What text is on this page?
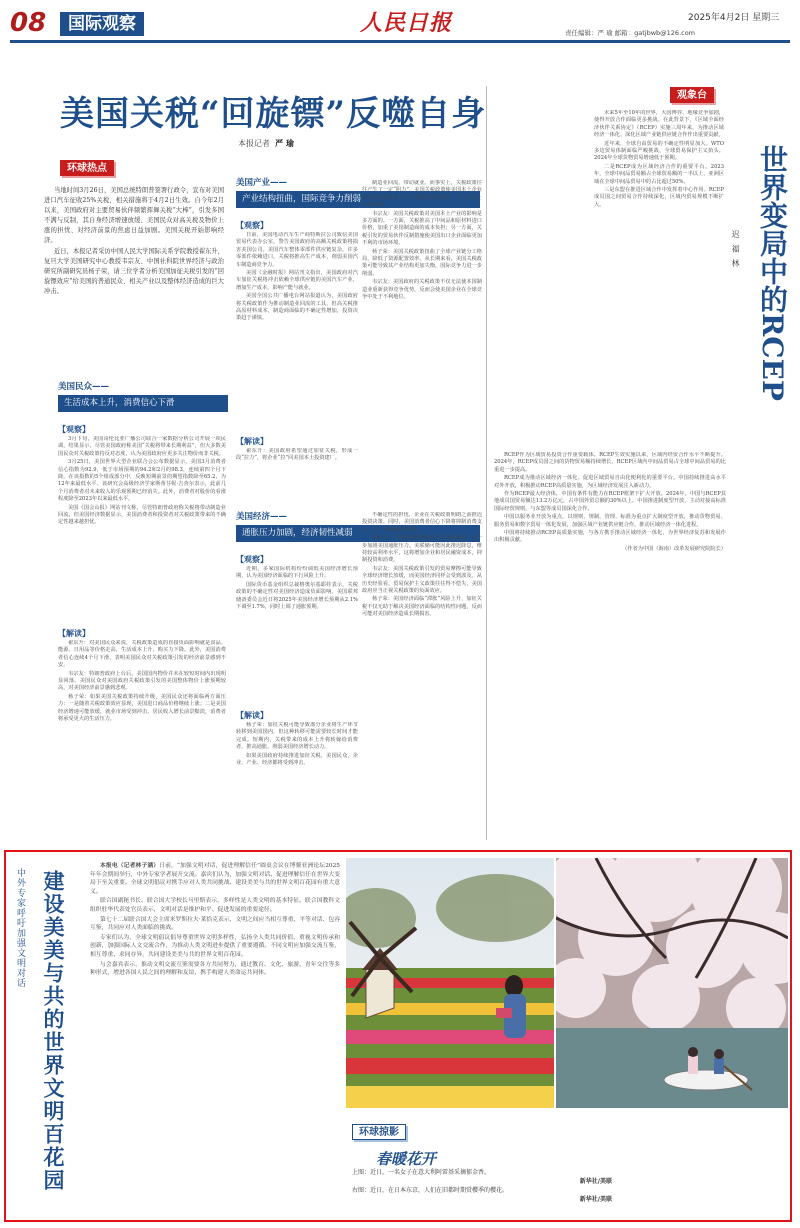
08	国际观察	人民日报	2025年4月2日 星期三
责任编辑：严 瑜 邮箱：gatjbwb@126.com
美国关税“回旋镖”反噬自身
本报记者 严 瑜
环球热点

当地时间3月26日，美国总统特朗普签署行政令，宣布对美国进口汽车征收25%关税，相关措施将于4月2日生效。自今年2月以来，美国政府对主要贸易伙伴频繁挥舞关税“大棒”，引发多国不满与反制，其自身经济增速放缓、美国民众对高关税及物价上涨的担忧、对经济前景的焦虑日益加剧。美国关税开始影响经济。

近日，本报记者采访中国人民大学国际关系学院教授翟东升，复旦大学美国研究中心教授韦宗友、中国社科院世界经济与政治研究所副研究员杨子荣，请三位学者分析美国加征关税引发的“回旋镖效应”给美国的普通民众、相关产业以及整体经济造成的巨大冲击。

美国民众——
生活成本上升，消费信心下滑
【观察】

3月下旬，美国哥伦比亚广播公司联合一家数据分析公司开展一项民调，结果显示，尽管美国政府称美国“关税将带来长期利益”，但大多数美国民众对关税政策持反对态度，认为美国政府应更多关注物价而非关税。

3月25日，美国世界大型企业联合会公布数据显示，美国3月消费者信心指数为92.9，低于市场预期的94.2和2月的98.3，连续第四个月下降。在该指数的5个组成部分中，反映短期前景的期望指数降至65.2，为12年来最低水平。该研究会高级经济学家斯蒂芬妮·吉查尔表示，此前几个月消费者对未来收入的乐观预期已经消失。此外，消费者对股价的看涨程度降至2023年以来最低水平。

美国《国会山报》网站刊文称，尽管特朗普政府称关税将带动制造业回流，但美国经济数据显示，美国消费者和投资者对关税政策带来的不确定性越来越担忧。

【解读】

翟东升：对美国民众来说，关税政策造成的直接负面影响就是食品、能源、日用品等价格走高，生活成本上升，购买力下降。此外，美国消费者信心连续4个月下滑，表明美国民众对关税政策引发的经济前景感到不安。

韦宗友：特朗普政府上台后，美国国内物价并未在较短时间内出现明显回落。美国民众对美国政府关税政策引发的美国整体物价上涨预期较高，对美国经济前景感到悲观。

杨子荣：如果美国关税政策持续升级，美国民众还将面临两方面压力：一是随着关税政策效应显现，美国进口商品价格继续上涨；二是美国经济增速可能放缓，就业市场受到冲击，居民收入增长前景黯淡，消费者将承受更大的生活压力。

美国产业——
产业结构扭曲，国际竞争力削弱
【观察】

日前，美国电动汽车生产商特斯拉公司致信美国贸易代表办公室，警告美国政府的高额关税政策将损害美国公司。美国汽车整体零部件供应链复杂，许多零部件依赖进口，关税将推高生产成本，削弱美国汽车制造商竞争力。

美国《金融时报》网站刊文指出，美国政府对汽车加征关税将冲击依赖全球供应链的美国汽车产业，增加生产成本，影响产能与就业。

美国全国公共广播电台网站报道认为，美国政府将关税政策作为推动制造业回流的工具，但高关税推高原材料成本，制造商面临的不确定性增加，投资决策趋于谨慎。

【解读】

翟东升：美国政府希望通过加征关税，形成一段“拉力”，将企业“拉”回美国本土投资建厂。

制造业回流，带动就业。而事实上，关税政策往往产生了一定“阻力”，美国关税政策使美国本土企业和在美外资企业不得不面临供应链中断、生产成本上升等挑战。

韦宗友：美国关税政策对美国本土产业的影响是多方面的。一方面，关税推高了中间品和原材料进口价格，加重了美国制造商的成本负担；另一方面，关税引发的贸易伙伴反制措施使美国出口企业面临更加不利的市场环境。

杨子荣：美国关税政策扭曲了全球产业链分工格局，降低了资源配置效率。从长期来看，美国关税政策可能导致其产业结构更加失衡，国际竞争力进一步削弱。

韦宗友：美国政府的关税政策不仅无法使本国制造业重新获得竞争优势，反而会使美国企业在全球竞争中处于不利地位。

美国经济——
通胀压力加剧，经济韧性减弱
【观察】

近期，多家国际机构纷纷调低美国经济增长预期，认为美国经济面临的下行风险上升。

国际货币基金组织总裁格奥尔基耶娃表示，关税政策的不确定性对美国经济造成负面影响。美国联邦储备委员会近日将2025年美国经济增长预期从2.1%下调至1.7%，同时上调了通胀预期。

【解读】

杨子荣：加征关税可能导致部分企业将生产环节转移到美国国内，但这种转移可能需要较长时间才能完成。短期内，关税带来的成本上升将转嫁给消费者，推高通胀，削弱美国经济增长动力。

如果美国政府持续推进加征关税，美国民众、企业、产业、经济都将受到冲击。

不确定性的担忧，企业在关税政策明朗之前推迟投资决策。同时，美国消费者信心下降将抑制消费支出，进一步拖累经济增长。

翟东升：美国关税政策推高进口商品价格，进一步加剧美国通胀压力。美联储可能因此推迟降息，维持较高利率水平，这将增加企业和居民融资成本，抑制投资和消费。

韦宗友：美国关税政策引发的贸易摩擦可能导致全球经济增长放缓，而美国经济同样会受到波及。从历史经验看，贸易保护主义政策往往得不偿失，美国政府应当正视关税政策的负面效应。

杨子荣：美国经济面临“滞胀”风险上升，加征关税不仅无助于解决美国经济面临的结构性问题，反而可能对美国经济造成长期损害。

观象台
世界变局中的RCEP
迟 福 林

未来5年至10年的世界，大国博弈、地缘竞争加剧，使得开放合作面临更多挑战。在此背景下，《区域全面经济伙伴关系协定》（RCEP）实施三周年来，为推动区域经济一体化、深化区域产业链供应链合作作出重要贡献。

近年来，全球自由贸易的不确定性明显加大。WTO多边贸易体制面临严峻挑战，全球贸易保护主义抬头。2024年全球货物贸易增速低于预期。

二是RCEP成为区域经济合作的重要平台。2023年，全球中间品贸易额占全球贸易额的一半以上，亚洲区域在全球中间品贸易中的占比超过50%。

三是东盟在推进区域合作中发挥着中心作用。RCEP成员国之间贸易合作持续深化，区域内贸易规模不断扩大。

RCEP作为区域贸易投资合作重要载体。RCEP生效实施以来，区域内经贸合作水平不断提升。2024年，RCEP成员国之间的货物贸易额持续增长，RCEP区域内中间品贸易占全球中间品贸易的比重进一步提高。

RCEP成为推动区域经济一体化、促进区域贸易自由化便利化的重要平台。中国持续推进高水平对外开放，积极推动RCEP高质量实施，为区域经济发展注入新动力。

作为RCEP最大经济体，中国有条件有能力在RCEP框架下扩大开放。2024年，中国与RCEP其他成员国贸易额达13.2万亿元，占中国外贸总额的30%以上。中国推进制度型开放，主动对接高标准国际经贸规则，与东盟等成员国深化合作。

中国以服务业开放为重点，以规则、规制、管理、标准为重点扩大制度型开放，推动货物贸易、服务贸易和数字贸易一体化发展，加强区域产业链供应链合作，推动区域经济一体化进程。

中国将持续推动RCEP高质量实施，与各方携手推动区域经济一体化，为世界经济复苏和发展作出积极贡献。

（作者为中国（海南）改革发展研究院院长）

中外专家呼吁加强文明对话 建设美美与共的世界文明百花园

本报电（记者林子涵）日前，“加强文明对话，促进理解信任”圆桌会议在博鳌亚洲论坛2025年年会期间举行，中外专家学者展开交流。嘉宾们认为，加强文明对话、促进理解信任在世界大变局下至关重要。全球文明倡议对携手应对人类共同挑战、建设美美与共的世界文明百花园有重大意义。

联合国副秘书长、联合国大学校长马里斯表示，多样性是人类文明的基本特征。联合国教科文组织驻华代表处官员表示，文明对话是维护和平、促进发展的重要途径。

第七十二届联合国大会主席米罗斯拉夫·莱恰克表示，文明之间应当相互尊重、平等对话、包容互鉴，共同应对人类面临的挑战。

专家们认为，全球文明倡议倡导尊重世界文明多样性，弘扬全人类共同价值，重视文明传承和创新，加强国际人文交流合作，为推动人类文明进步提供了重要遵循。不同文明应加强交流互鉴，相互尊重、求同存异，共同建设美美与共的世界文明百花园。

与会嘉宾表示，推动文明交流互鉴需要各方共同努力，通过教育、文化、旅游、青年交往等多种形式，增进各国人民之间的理解和友谊，携手构建人类命运共同体。

环球掠影
春暖花开
上图：近日，一名女子在意大利阿雷基采摘郁金香。
新华社/美联
右图：近日，在日本东京，人们在旧都时期赏樱季的樱花。
新华社/美联
